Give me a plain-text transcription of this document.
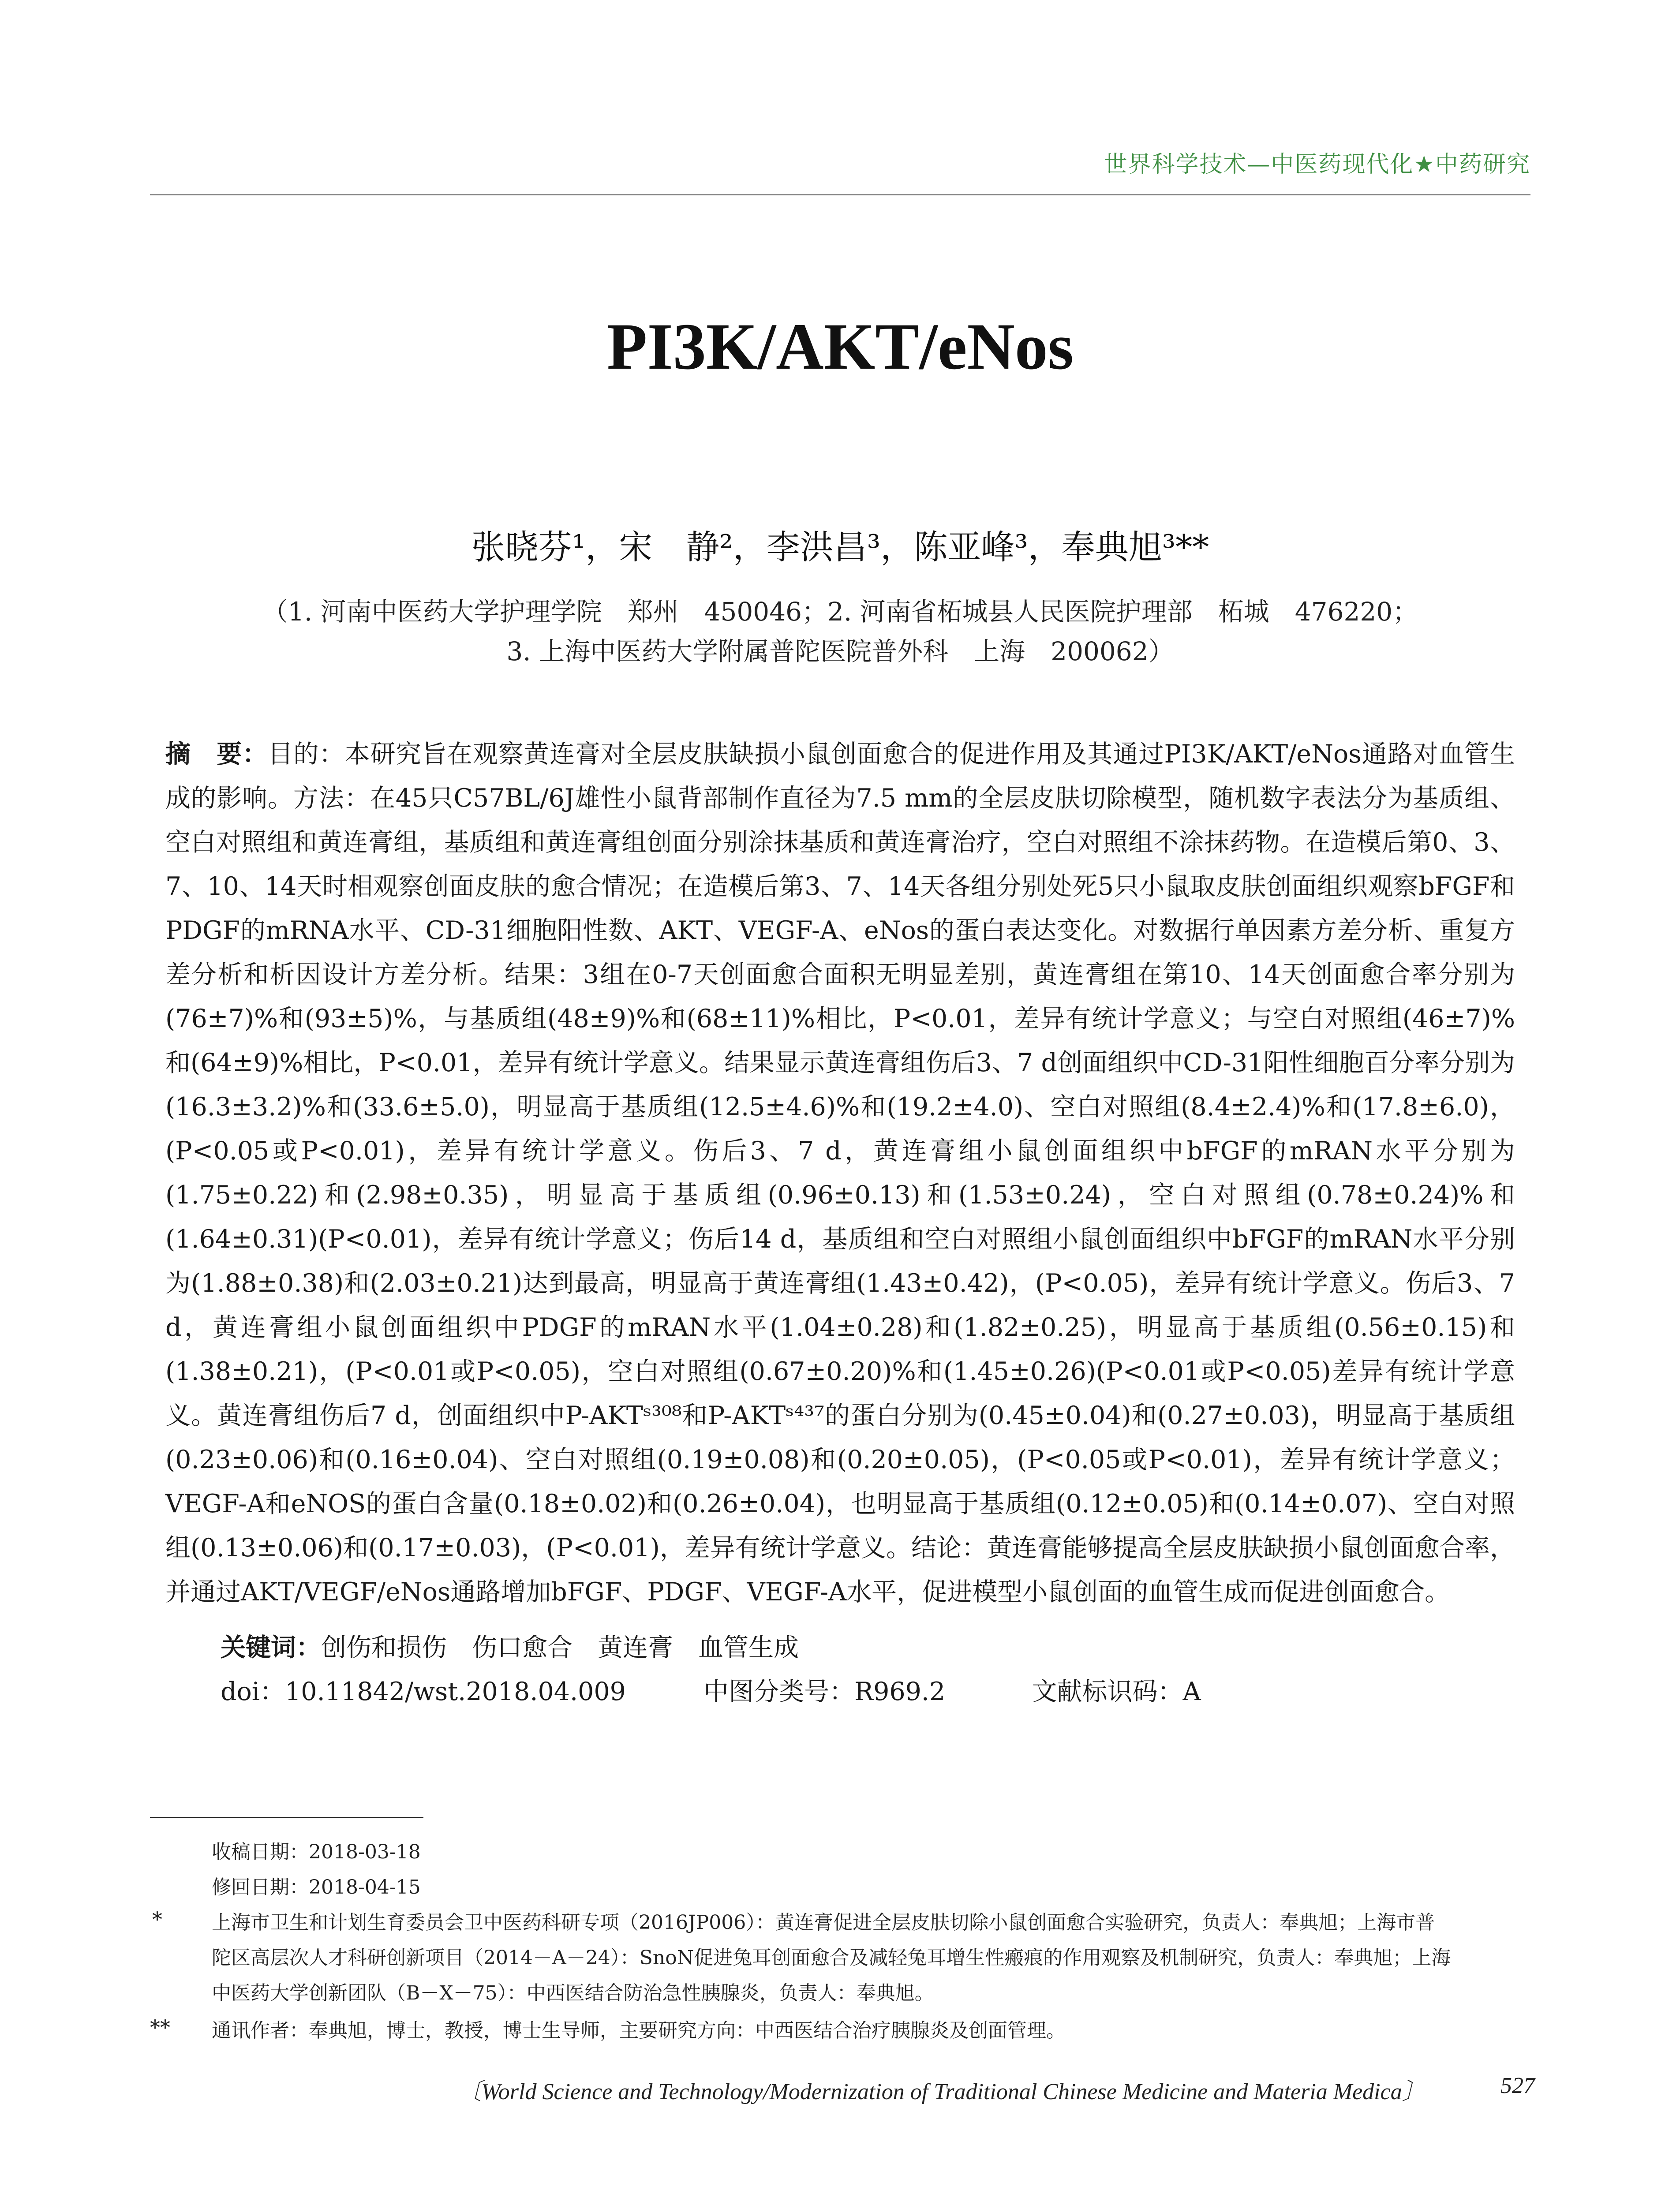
世界科学技术—中医药现代化★中药研究
PI3K/AKT/eNos
张晓芬¹，宋　静²，李洪昌³，陈亚峰³，奉典旭³**
（1. 河南中医药大学护理学院　郑州　450046；2. 河南省柘城县人民医院护理部　柘城　476220；
3. 上海中医药大学附属普陀医院普外科　上海　200062）

摘　要：目的：本研究旨在观察黄连膏对全层皮肤缺损小鼠创面愈合的促进作用及其通过PI3K/AKT/eNos通路对血管生成的影响。方法：在45只C57BL/6J雄性小鼠背部制作直径为7.5 mm的全层皮肤切除模型，随机数字表法分为基质组、空白对照组和黄连膏组，基质组和黄连膏组创面分别涂抹基质和黄连膏治疗，空白对照组不涂抹药物。在造模后第0、3、7、10、14天时相观察创面皮肤的愈合情况；在造模后第3、7、14天各组分别处死5只小鼠取皮肤创面组织观察bFGF和PDGF的mRNA水平、CD-31细胞阳性数、AKT、VEGF-A、eNos的蛋白表达变化。对数据行单因素方差分析、重复方差分析和析因设计方差分析。结果：3组在0-7天创面愈合面积无明显差别，黄连膏组在第10、14天创面愈合率分别为(76±7)%和(93±5)%，与基质组(48±9)%和(68±11)%相比，P<0.01，差异有统计学意义；与空白对照组(46±7)%和(64±9)%相比，P<0.01，差异有统计学意义。结果显示黄连膏组伤后3、7 d创面组织中CD-31阳性细胞百分率分别为(16.3±3.2)%和(33.6±5.0)，明显高于基质组(12.5±4.6)%和(19.2±4.0)、空白对照组(8.4±2.4)%和(17.8±6.0)，(P<0.05或P<0.01)，差异有统计学意义。伤后3、7 d，黄连膏组小鼠创面组织中bFGF的mRAN水平分别为(1.75±0.22)和(2.98±0.35)，明显高于基质组(0.96±0.13)和(1.53±0.24)，空白对照组(0.78±0.24)%和(1.64±0.31)(P<0.01)，差异有统计学意义；伤后14 d，基质组和空白对照组小鼠创面组织中bFGF的mRAN水平分别为(1.88±0.38)和(2.03±0.21)达到最高，明显高于黄连膏组(1.43±0.42)，(P<0.05)，差异有统计学意义。伤后3、7 d，黄连膏组小鼠创面组织中PDGF的mRAN水平(1.04±0.28)和(1.82±0.25)，明显高于基质组(0.56±0.15)和(1.38±0.21)，(P<0.01或P<0.05)，空白对照组(0.67±0.20)%和(1.45±0.26)(P<0.01或P<0.05)差异有统计学意义。黄连膏组伤后7 d，创面组织中P-AKTˢ³⁰⁸和P-AKTˢ⁴³⁷的蛋白分别为(0.45±0.04)和(0.27±0.03)，明显高于基质组(0.23±0.06)和(0.16±0.04)、空白对照组(0.19±0.08)和(0.20±0.05)，(P<0.05或P<0.01)，差异有统计学意义；VEGF-A和eNOS的蛋白含量(0.18±0.02)和(0.26±0.04)，也明显高于基质组(0.12±0.05)和(0.14±0.07)、空白对照组(0.13±0.06)和(0.17±0.03)，(P<0.01)，差异有统计学意义。结论：黄连膏能够提高全层皮肤缺损小鼠创面愈合率，并通过AKT/VEGF/eNos通路增加bFGF、PDGF、VEGF-A水平，促进模型小鼠创面的血管生成而促进创面愈合。

关键词：创伤和损伤　伤口愈合　黄连膏　血管生成
doi：10.11842/wst.2018.04.009	中图分类号：R969.2	文献标识码：A
收稿日期：2018-03-18
修回日期：2018-04-15
*	上海市卫生和计划生育委员会卫中医药科研专项（2016JP006）：黄连膏促进全层皮肤切除小鼠创面愈合实验研究，负责人：奉典旭；上海市普
陀区高层次人才科研创新项目（2014－A－24）：SnoN促进兔耳创面愈合及减轻兔耳增生性瘢痕的作用观察及机制研究，负责人：奉典旭；上海
中医药大学创新团队（B－X－75）：中西医结合防治急性胰腺炎，负责人：奉典旭。
** 通讯作者：奉典旭，博士，教授，博士生导师，主要研究方向：中西医结合治疗胰腺炎及创面管理。
〔World Science and Technology/Modernization of Traditional Chinese Medicine and Materia Medica〕	527
